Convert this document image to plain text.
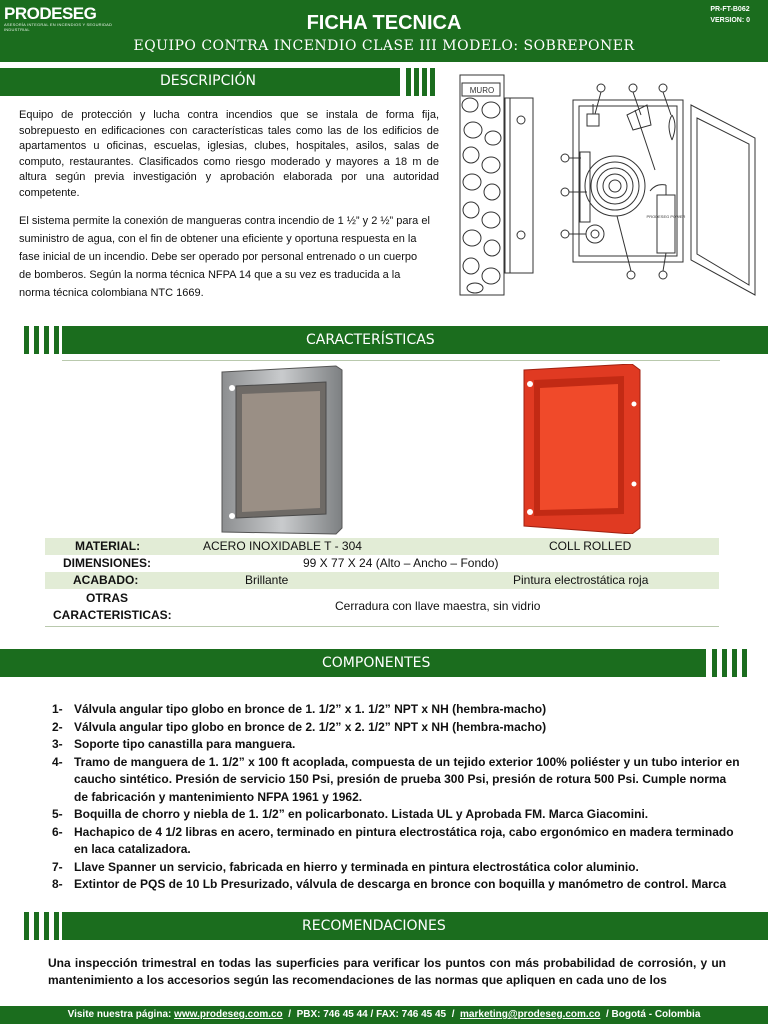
PRODESEG
ASESORÍA INTEGRAL EN INCENDIOS Y SEGURIDAD INDUSTRIAL	FICHA TECNICA
EQUIPO CONTRA INCENDIO CLASE III MODELO: SOBREPONER
PR-FT-B062
VERSION: 0
DESCRIPCIÓN
Equipo de protección y lucha contra incendios que se instala de forma fija, sobrepuesto en edificaciones con características tales como las de los edificios de apartamentos u oficinas, escuelas, iglesias, clubes, hospitales, asilos, salas de computo, restaurantes. Clasificados como riesgo moderado y mayores a 18 m de altura según previa investigación y aprobación elaborada por una autoridad competente.
El sistema permite la conexión de mangueras contra incendio de 1 ½” y 2 ½” para el suministro de agua, con el fin de obtener una eficiente y oportuna respuesta en la fase inicial de un incendio. Debe ser operado por personal entrenado o un cuerpo de bomberos. Según la norma técnica NFPA 14 que a su vez es traducida a la norma técnica colombiana NTC 1669.
MURO
PRODESEG POWER
CARACTERÍSTICAS
MATERIAL:	ACERO INOXIDABLE T - 304	COLL ROLLED
DIMENSIONES:	99 X 77 X 24 (Alto – Ancho – Fondo)
ACABADO:	Brillante	Pintura electrostática roja
OTRAS CARACTERISTICAS:
Cerradura con llave maestra, sin vidrio
COMPONENTES
1- Válvula angular tipo globo en bronce de 1. 1/2” x 1. 1/2” NPT x NH (hembra-macho)
2- Válvula angular tipo globo en bronce de 2. 1/2” x 2. 1/2” NPT x NH (hembra-macho)
3- Soporte tipo canastilla para manguera.
4- Tramo de manguera de 1. 1/2” x 100 ft acoplada, compuesta de un tejido exterior 100% poliéster y un tubo interior en caucho sintético. Presión de servicio 150 Psi, presión de prueba 300 Psi, presión de rotura 500 Psi. Cumple norma de fabricación y mantenimiento NFPA 1961 y 1962.
5- Boquilla de chorro y niebla de 1. 1/2” en policarbonato. Listada UL y Aprobada FM. Marca Giacomini.
6- Hachapico de 4 1/2 libras en acero, terminado en pintura electrostática roja, cabo ergonómico en madera terminado en laca catalizadora.
7- Llave Spanner un servicio, fabricada en hierro y terminada en pintura electrostática color aluminio.
8- Extintor de PQS de 10 Lb Presurizado, válvula de descarga en bronce con boquilla y manómetro de control. Marca
RECOMENDACIONES
Una inspección trimestral en todas las superficies para verificar los puntos con más probabilidad de corrosión, y un mantenimiento a los accesorios según las recomendaciones de las normas que apliquen en cada uno de los
Visite nuestra página: www.prodeseg.com.co / PBX: 746 45 44 / FAX: 746 45 45 / marketing@prodeseg.com.co / Bogotá - Colombia
